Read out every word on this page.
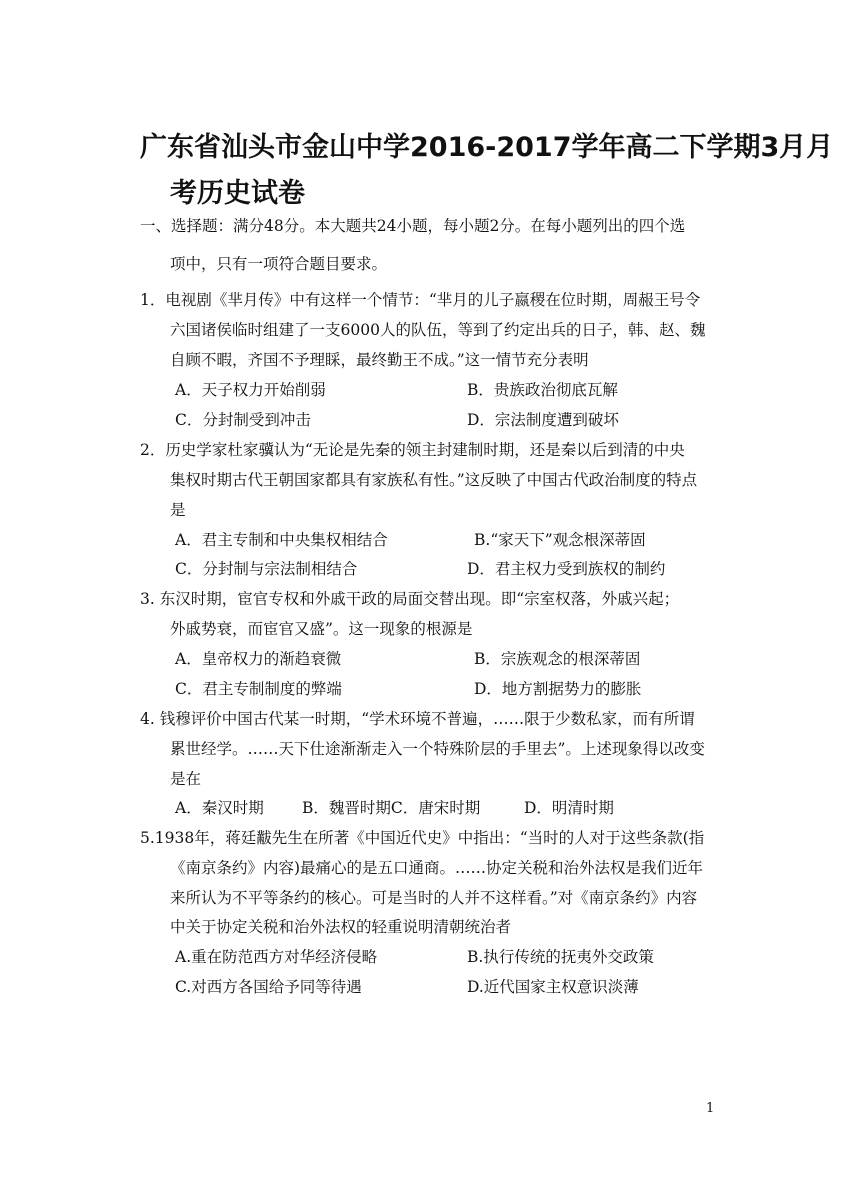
广东省汕头市金山中学2016-2017学年高二下学期3月月
考历史试卷
一、选择题：满分48分。本大题共24小题，每小题2分。在每小题列出的四个选
项中，只有一项符合题目要求。
1．电视剧《芈月传》中有这样一个情节：“芈月的儿子嬴稷在位时期，周赧王号令
六国诸侯临时组建了一支6000人的队伍，等到了约定出兵的日子，韩、赵、魏
自顾不暇，齐国不予理睬，最终勤王不成。”这一情节充分表明
A．天子权力开始削弱	B．贵族政治彻底瓦解
C．分封制受到冲击	D．宗法制度遭到破坏
2．历史学家杜家骥认为“无论是先秦的领主封建制时期，还是秦以后到清的中央
集权时期古代王朝国家都具有家族私有性。”这反映了中国古代政治制度的特点
是
A．君主专制和中央集权相结合	B.“家天下”观念根深蒂固
C．分封制与宗法制相结合	D．君主权力受到族权的制约
3. 东汉时期，宦官专权和外戚干政的局面交替出现。即“宗室权落，外戚兴起；
外戚势衰，而宦官又盛”。这一现象的根源是
A．皇帝权力的渐趋衰微	B．宗族观念的根深蒂固
C．君主专制制度的弊端	D．地方割据势力的膨胀
4. 钱穆评价中国古代某一时期，“学术环境不普遍，……限于少数私家，而有所谓
累世经学。……天下仕途渐渐走入一个特殊阶层的手里去”。上述现象得以改变
是在
A．秦汉时期 B．魏晋时期C．唐宋时期	D．明清时期
5.1938年，蒋廷黻先生在所著《中国近代史》中指出：“当时的人对于这些条款(指
《南京条约》内容)最痛心的是五口通商。……协定关税和治外法权是我们近年
来所认为不平等条约的核心。可是当时的人并不这样看。”对《南京条约》内容
中关于协定关税和治外法权的轻重说明清朝统治者
A.重在防范西方对华经济侵略	B.执行传统的抚夷外交政策
C.对西方各国给予同等待遇	D.近代国家主权意识淡薄
1
